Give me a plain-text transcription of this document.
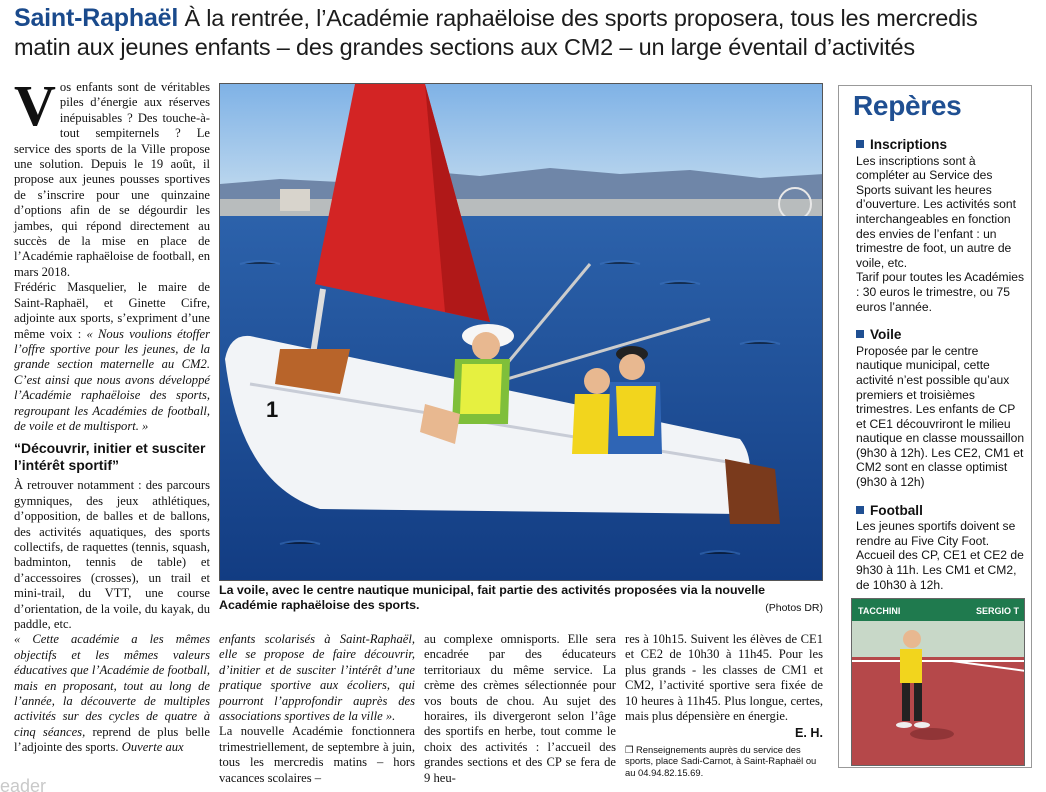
Saint-Raphaël À la rentrée, l’Académie raphaëloise des sports proposera, tous les mercredis matin aux jeunes enfants – des grandes sections aux CM2 – un large éventail d’activités

Vos enfants sont de véritables piles d’énergie aux réserves inépuisables ? Des touche-à-tout sempiternels ? Le service des sports de la Ville propose une solution. Depuis le 19 août, il propose aux jeunes pousses sportives de s’inscrire pour une quinzaine d’options afin de se dégourdir les jambes, qui répond directement au succès de la mise en place de l’Académie raphaëloise de football, en mars 2018.

Frédéric Masquelier, le maire de Saint-Raphaël, et Ginette Cifre, adjointe aux sports, s’expriment d’une même voix : « Nous voulions étoffer l’offre sportive pour les jeunes, de la grande section maternelle au CM2. C’est ainsi que nous avons développé l’Académie raphaëloise des sports, regroupant les Académies de football, de voile et de multisport. »

“Découvrir, initier et susciter l’intérêt sportif”

À retrouver notamment : des parcours gymniques, des jeux athlétiques, d’opposition, de balles et de ballons, des activités aquatiques, des sports collectifs, de raquettes (tennis, squash, badminton, tennis de table) et d’accessoires (crosses), un trail et mini-trail, du VTT, une course d’orientation, de la voile, du kayak, du paddle, etc.

« Cette académie a les mêmes objectifs et les mêmes valeurs éducatives que l’Académie de football, mais en proposant, tout au long de l’année, la découverte de multiples activités sur des cycles de quatre à cinq séances, reprend de plus belle l’adjointe des sports. Ouverte aux

1
La voile, avec le centre nautique municipal, fait partie des activités proposées via la nouvelle Académie raphaëloise des sports.	(Photos DR)

enfants scolarisés à Saint-Raphaël, elle se propose de faire découvrir, d’initier et de susciter l’intérêt d’une pratique sportive aux écoliers, qui pourront l’approfondir auprès des associations sportives de la ville ».

La nouvelle Académie fonctionnera trimestriellement, de septembre à juin, tous les mercredis matins – hors vacances scolaires –

au complexe omnisports. Elle sera encadrée par des éducateurs territoriaux du même service. La crème des crèmes sélectionnée pour vos bouts de chou. Au sujet des horaires, ils divergeront selon l’âge des sportifs en herbe, tout comme le choix des activités : l’accueil des grandes sections et des CP se fera de 9 heu-

res à 10h15. Suivent les élèves de CE1 et CE2 de 10h30 à 11h45. Pour les plus grands - les classes de CM1 et CM2, l’activité sportive sera fixée de 10 heures à 11h45. Plus longue, certes, mais plus dépensière en énergie.

E. H.
❐ Renseignements auprès du service des sports, place Sadi-Carnot, à Saint-Raphaël ou au 04.94.82.15.69.
Repères
Inscriptions
Les inscriptions sont à compléter au Service des Sports suivant les heures d’ouverture. Les activités sont interchangeables en fonction des envies de l’enfant : un trimestre de foot, un autre de voile, etc.
Tarif pour toutes les Académies : 30 euros le trimestre, ou 75 euros l’année.
Voile
Proposée par le centre nautique municipal, cette activité n’est possible qu’aux premiers et troisièmes trimestres. Les enfants de CP et CE1 découvriront le milieu nautique en classe moussaillon (9h30 à 12h). Les CE2, CM1 et CM2 sont en classe optimist (9h30 à 12h)
Football
Les jeunes sportifs doivent se rendre au Five City Foot. Accueil des CP, CE1 et CE2 de 9h30 à 11h. Les CM1 et CM2, de 10h30 à 12h.
TACCHINI	SERGIO T
eader
